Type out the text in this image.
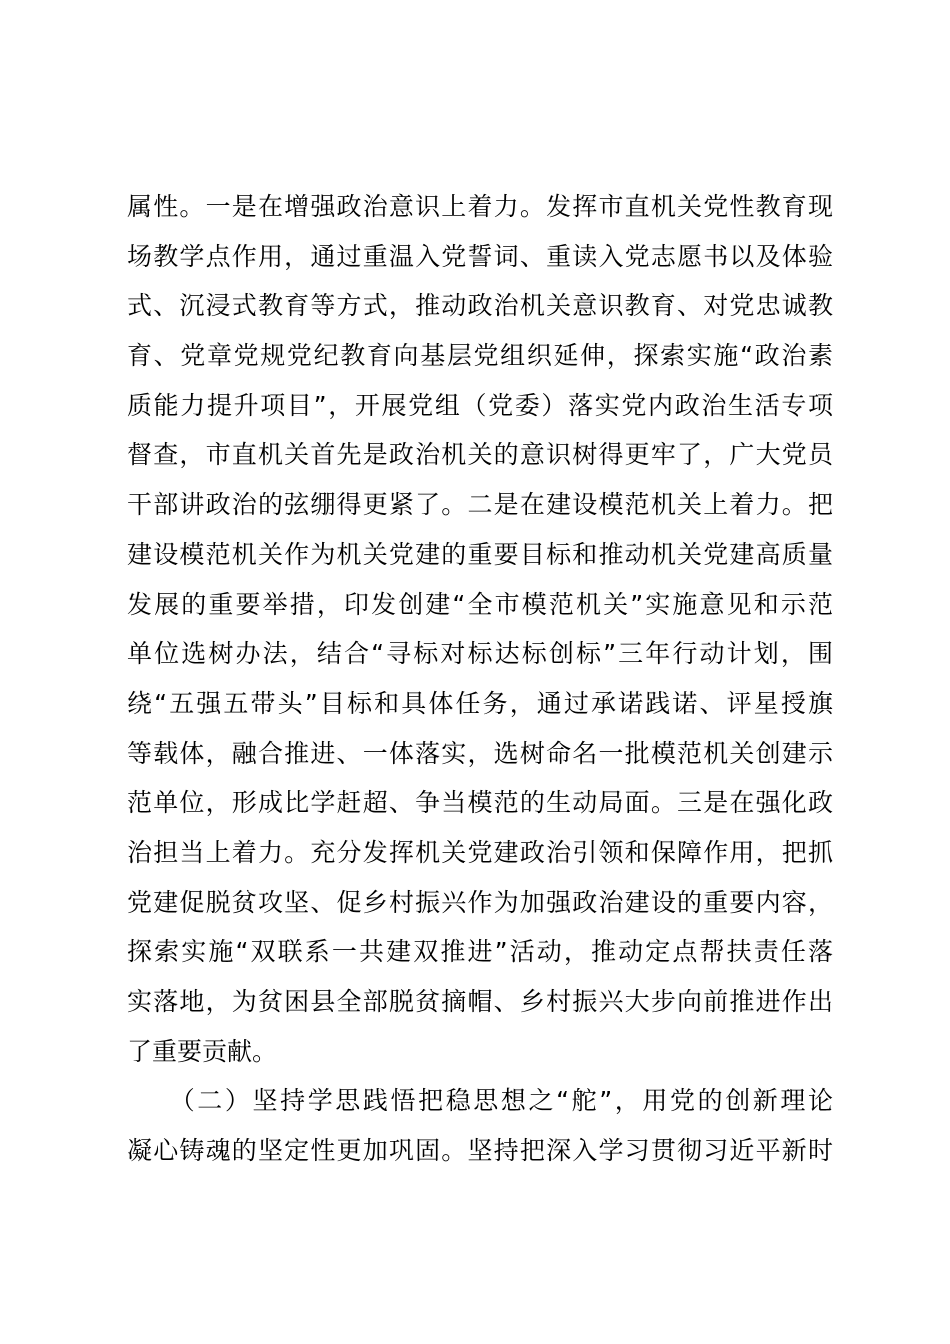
属性。一是在增强政治意识上着力。发挥市直机关党性教育现
场教学点作用，通过重温入党誓词、重读入党志愿书以及体验
式、沉浸式教育等方式，推动政治机关意识教育、对党忠诚教
育、党章党规党纪教育向基层党组织延伸，探索实施“政治素
质能力提升项目”，开展党组（党委）落实党内政治生活专项
督查，市直机关首先是政治机关的意识树得更牢了，广大党员
干部讲政治的弦绷得更紧了。二是在建设模范机关上着力。把
建设模范机关作为机关党建的重要目标和推动机关党建高质量
发展的重要举措，印发创建“全市模范机关”实施意见和示范
单位选树办法，结合“寻标对标达标创标”三年行动计划，围
绕“五强五带头”目标和具体任务，通过承诺践诺、评星授旗
等载体，融合推进、一体落实，选树命名一批模范机关创建示
范单位，形成比学赶超、争当模范的生动局面。三是在强化政
治担当上着力。充分发挥机关党建政治引领和保障作用，把抓
党建促脱贫攻坚、促乡村振兴作为加强政治建设的重要内容，
探索实施“双联系一共建双推进”活动，推动定点帮扶责任落
实落地，为贫困县全部脱贫摘帽、乡村振兴大步向前推进作出
了重要贡献。
　　（二）坚持学思践悟把稳思想之“舵”，用党的创新理论
凝心铸魂的坚定性更加巩固。坚持把深入学习贯彻习近平新时
